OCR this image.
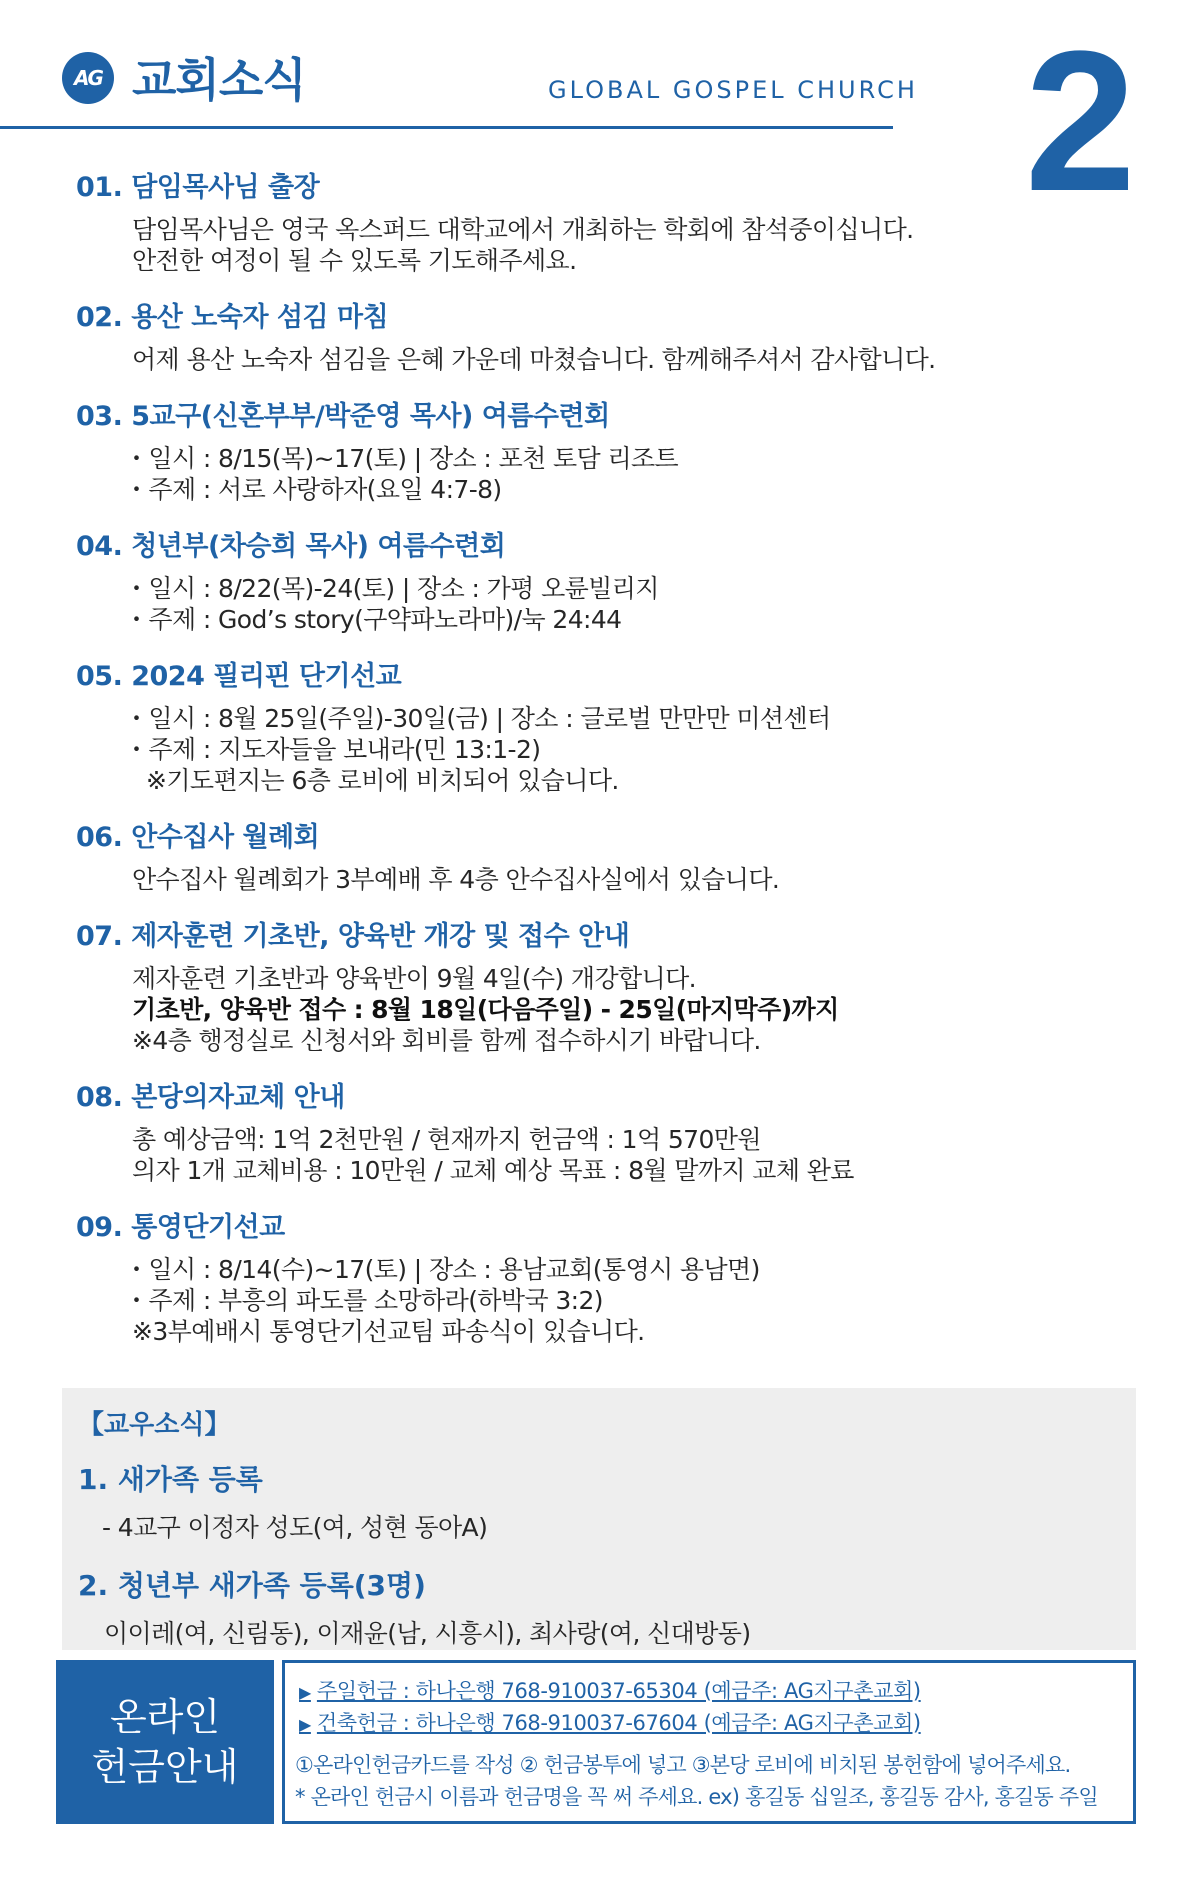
AG 교회소식	GLOBAL GOSPEL CHURCH 2
01. 담임목사님 출장
담임목사님은 영국 옥스퍼드 대학교에서 개최하는 학회에 참석중이십니다.
안전한 여정이 될 수 있도록 기도해주세요.
02. 용산 노숙자 섬김 마침
어제 용산 노숙자 섬김을 은혜 가운데 마쳤습니다. 함께해주셔서 감사합니다.
03. 5교구(신혼부부/박준영 목사) 여름수련회
・일시 : 8/15(목)~17(토) | 장소 : 포천 토담 리조트
・주제 : 서로 사랑하자(요일 4:7-8)
04. 청년부(차승희 목사) 여름수련회
・일시 : 8/22(목)-24(토) | 장소 : 가평 오륜빌리지
・주제 : God’s story(구약파노라마)/눅 24:44
05. 2024 필리핀 단기선교
・일시 : 8월 25일(주일)-30일(금) | 장소 : 글로벌 만만만 미션센터
・주제 : 지도자들을 보내라(민 13:1-2)
※기도편지는 6층 로비에 비치되어 있습니다.
06. 안수집사 월례회
안수집사 월례회가 3부예배 후 4층 안수집사실에서 있습니다.
07. 제자훈련 기초반, 양육반 개강 및 접수 안내
제자훈련 기초반과 양육반이 9월 4일(수) 개강합니다.
기초반, 양육반 접수 : 8월 18일(다음주일) - 25일(마지막주)까지
※4층 행정실로 신청서와 회비를 함께 접수하시기 바랍니다.
08. 본당의자교체 안내
총 예상금액: 1억 2천만원 / 현재까지 헌금액 : 1억 570만원
의자 1개 교체비용 : 10만원 / 교체 예상 목표 : 8월 말까지 교체 완료
09. 통영단기선교
・일시 : 8/14(수)~17(토) | 장소 : 용남교회(통영시 용남면)
・주제 : 부흥의 파도를 소망하라(하박국 3:2)
※3부예배시 통영단기선교팀 파송식이 있습니다.
【교우소식】
1. 새가족 등록
- 4교구 이정자 성도(여, 성현 동아A)
2. 청년부 새가족 등록(3명)
이이레(여, 신림동), 이재윤(남, 시흥시), 최사랑(여, 신대방동)
온라인
헌금안내
▶ 주일헌금 : 하나은행 768-910037-65304 (예금주: AG지구촌교회)
▶ 건축헌금 : 하나은행 768-910037-67604 (예금주: AG지구촌교회)
①온라인헌금카드를 작성 ② 헌금봉투에 넣고 ③본당 로비에 비치된 봉헌함에 넣어주세요.
* 온라인 헌금시 이름과 헌금명을 꼭 써 주세요. ex) 홍길동 십일조, 홍길동 감사, 홍길동 주일
